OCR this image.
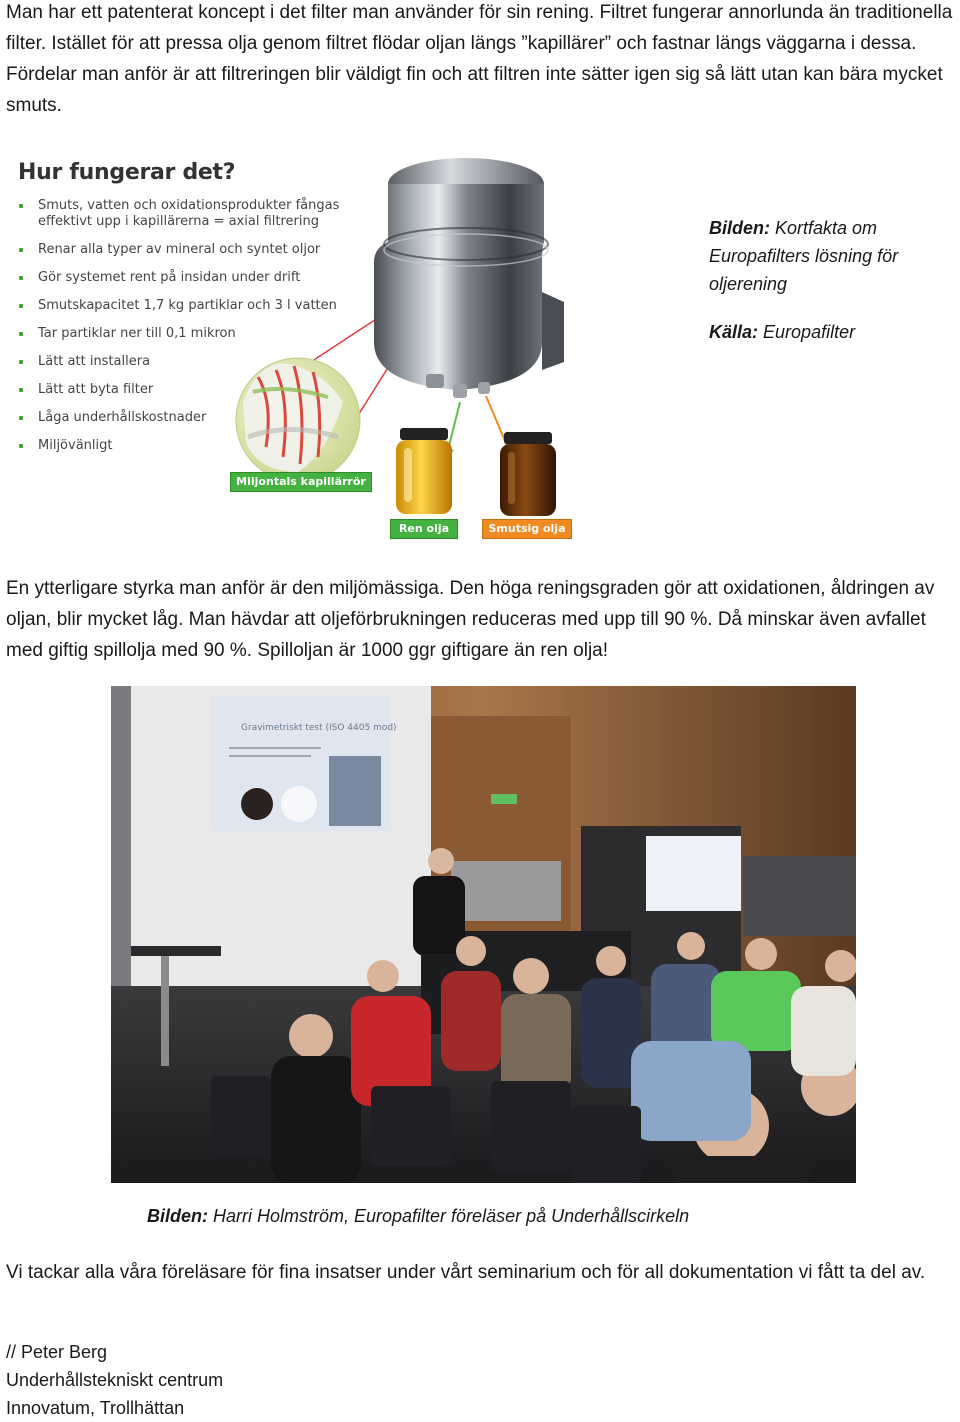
Man har ett patenterat koncept i det filter man använder för sin rening. Filtret fungerar annorlunda än traditionella filter. Istället för att pressa olja genom filtret flödar oljan längs ”kapillärer” och fastnar längs väggarna i dessa. Fördelar man anför är att filtreringen blir väldigt fin och att filtren inte sätter igen sig så lätt utan kan bära mycket smuts.

Hur fungerar det?
Smuts, vatten och oxidationsprodukter fångas effektivt upp i kapillärerna = axial filtrering
Renar alla typer av mineral och syntet oljor
Gör systemet rent på insidan under drift
Smutskapacitet 1,7 kg partiklar och 3 l vatten
Tar partiklar ner till 0,1 mikron
Lätt att installera
Lätt att byta filter
Låga underhållskostnader
Miljövänligt
Miljontals kapillärrör
Ren olja	Smutsig olja
Bilden: Kortfakta om Europafilters lösning för oljerening
Källa: Europafilter

En ytterligare styrka man anför är den miljömässiga. Den höga reningsgraden gör att oxidationen, åldringen av oljan, blir mycket låg. Man hävdar att oljeförbrukningen reduceras med upp till 90 %. Då minskar även avfallet med giftig spillolja med 90 %. Spilloljan är 1000 ggr giftigare än ren olja!

Gravimetriskt test (ISO 4405 mod)
Bilden: Harri Holmström, Europafilter föreläser på Underhållscirkeln

Vi tackar alla våra föreläsare för fina insatser under vårt seminarium och för all dokumentation vi fått ta del av.

// Peter Berg
Underhållstekniskt centrum
Innovatum, Trollhättan
